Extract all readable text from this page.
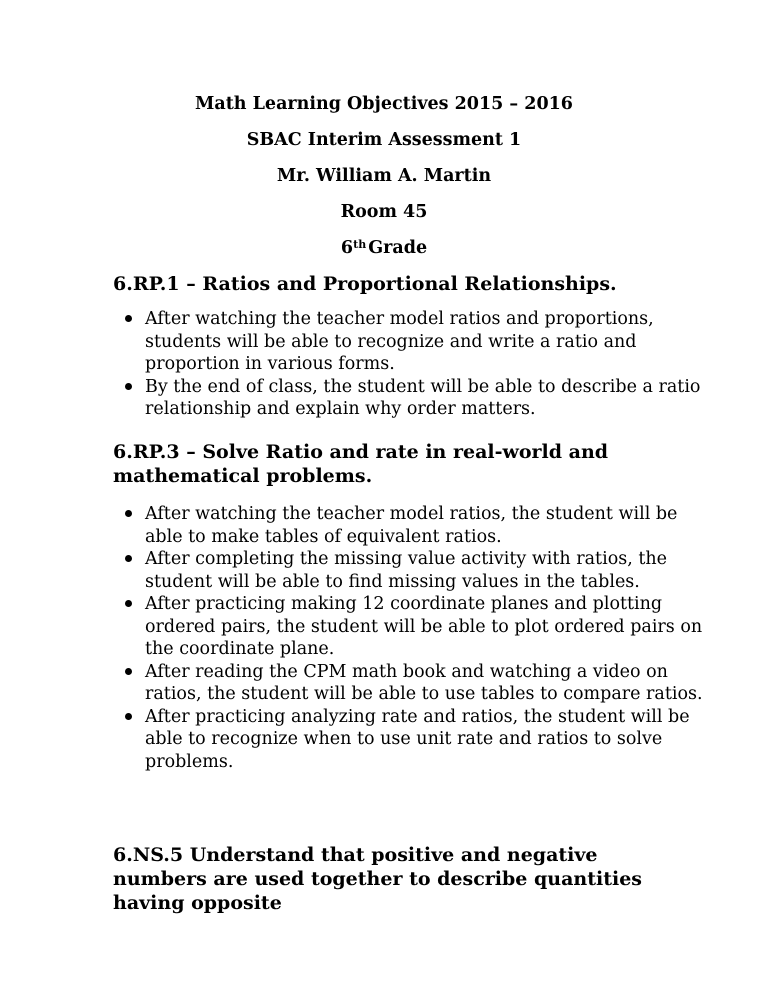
Math Learning Objectives 2015 – 2016
SBAC Interim Assessment 1
Mr. William A. Martin
Room 45
6th Grade
6.RP.1 – Ratios and Proportional Relationships.
After watching the teacher model ratios and proportions, students will be able to recognize and write a ratio and proportion in various forms.
By the end of class, the student will be able to describe a ratio relationship and explain why order matters.
6.RP.3 – Solve Ratio and rate in real-world and mathematical problems.
After watching the teacher model ratios, the student will be able to make tables of equivalent ratios.
After completing the missing value activity with ratios, the student will be able to find missing values in the tables.
After practicing making 12 coordinate planes and plotting ordered pairs, the student will be able to plot ordered pairs on the coordinate plane.
After reading the CPM math book and watching a video on ratios, the student will be able to use tables to compare ratios.
After practicing analyzing rate and ratios, the student will be able to recognize when to use unit rate and ratios to solve problems.
6.NS.5 Understand that positive and negative numbers are used together to describe quantities having opposite
